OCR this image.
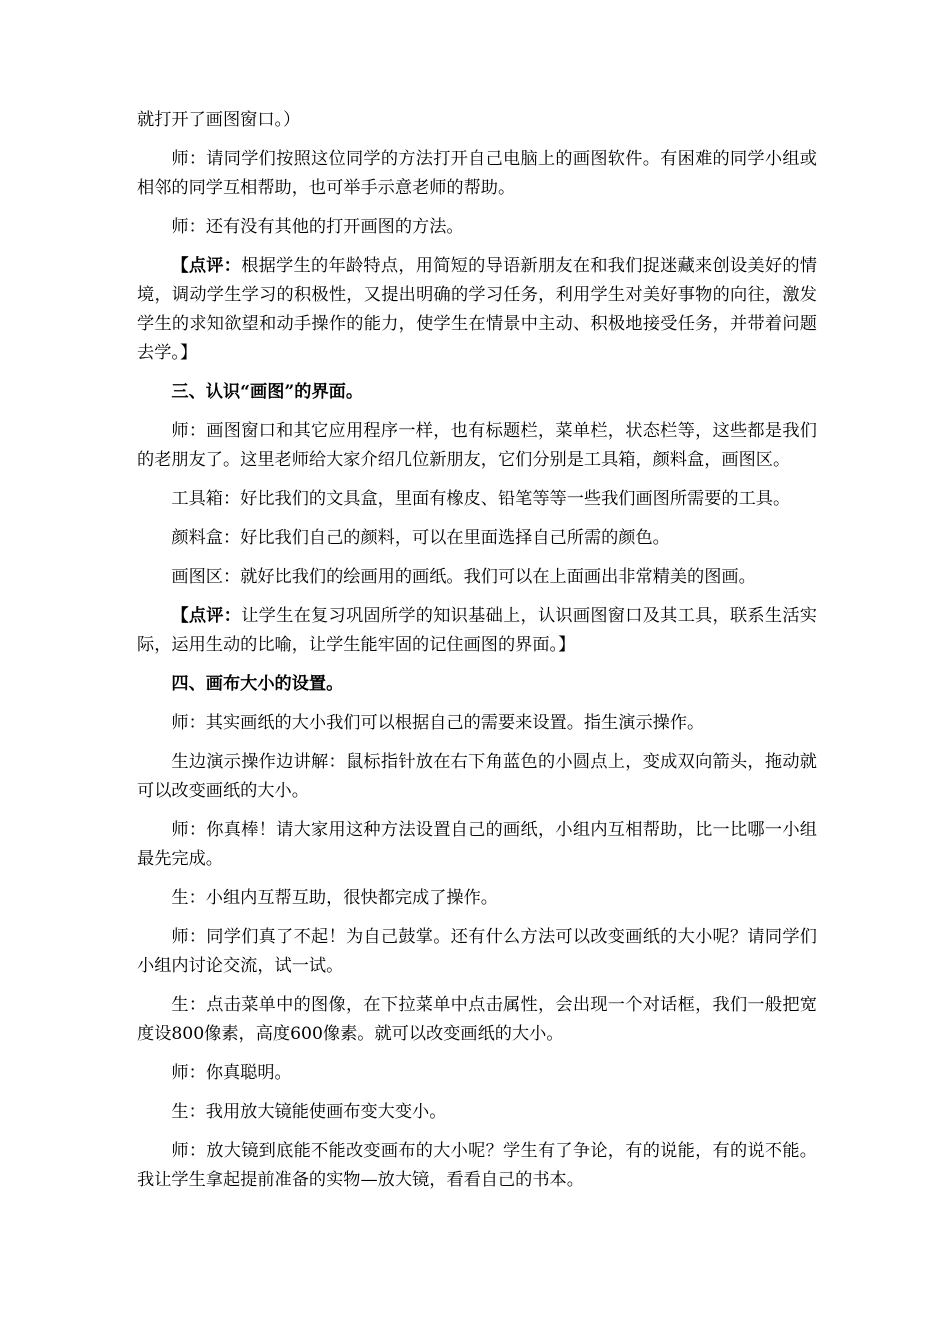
就打开了画图窗口。）

师：请同学们按照这位同学的方法打开自己电脑上的画图软件。有困难的同学小组或相邻的同学互相帮助，也可举手示意老师的帮助。

师：还有没有其他的打开画图的方法。

【点评：根据学生的年龄特点，用简短的导语新朋友在和我们捉迷藏来创设美好的情境，调动学生学习的积极性，又提出明确的学习任务，利用学生对美好事物的向往，激发学生的求知欲望和动手操作的能力，使学生在情景中主动、积极地接受任务，并带着问题去学。】

三、认识“画图”的界面。

师：画图窗口和其它应用程序一样，也有标题栏，菜单栏，状态栏等，这些都是我们的老朋友了。这里老师给大家介绍几位新朋友，它们分别是工具箱，颜料盒，画图区。

工具箱：好比我们的文具盒，里面有橡皮、铅笔等等一些我们画图所需要的工具。

颜料盒：好比我们自己的颜料，可以在里面选择自己所需的颜色。

画图区：就好比我们的绘画用的画纸。我们可以在上面画出非常精美的图画。

【点评：让学生在复习巩固所学的知识基础上，认识画图窗口及其工具，联系生活实际，运用生动的比喻，让学生能牢固的记住画图的界面。】

四、画布大小的设置。

师：其实画纸的大小我们可以根据自己的需要来设置。指生演示操作。

生边演示操作边讲解：鼠标指针放在右下角蓝色的小圆点上，变成双向箭头，拖动就可以改变画纸的大小。

师：你真棒！请大家用这种方法设置自己的画纸，小组内互相帮助，比一比哪一小组最先完成。

生：小组内互帮互助，很快都完成了操作。

师：同学们真了不起！为自己鼓掌。还有什么方法可以改变画纸的大小呢？请同学们小组内讨论交流，试一试。

生：点击菜单中的图像，在下拉菜单中点击属性，会出现一个对话框，我们一般把宽度设800像素，高度600像素。就可以改变画纸的大小。

师：你真聪明。

生：我用放大镜能使画布变大变小。

师：放大镜到底能不能改变画布的大小呢？学生有了争论，有的说能，有的说不能。我让学生拿起提前准备的实物—放大镜，看看自己的书本。
